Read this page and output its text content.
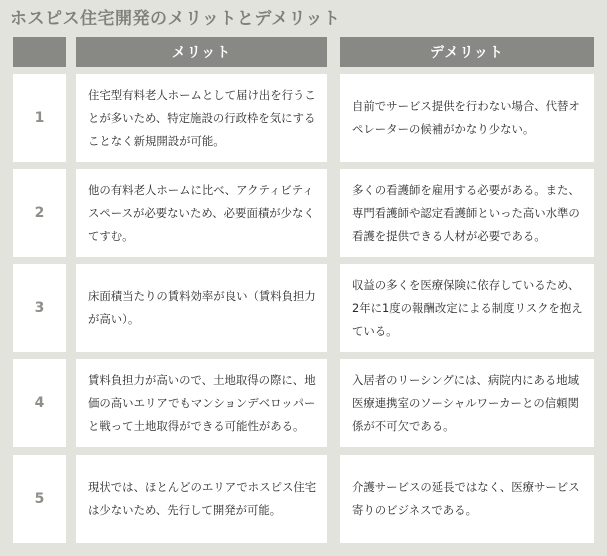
ホスピス住宅開発のメリットとデメリット
メリット	デメリット
1
住宅型有料老人ホームとして届け出を行うことが多いため、特定施設の行政枠を気にすることなく新規開設が可能。
自前でサービス提供を行わない場合、代替オペレーターの候補がかなり少ない。
2
他の有料老人ホームに比べ、アクティビティスペースが必要ないため、必要面積が少なくてすむ。
多くの看護師を雇用する必要がある。また、専門看護師や認定看護師といった高い水準の看護を提供できる人材が必要である。
3
床面積当たりの賃料効率が良い（賃料負担力が高い）。
収益の多くを医療保険に依存しているため、2年に1度の報酬改定による制度リスクを抱えている。
4
賃料負担力が高いので、土地取得の際に、地価の高いエリアでもマンションデベロッパーと戦って土地取得ができる可能性がある。
入居者のリーシングには、病院内にある地域医療連携室のソーシャルワーカーとの信頼関係が不可欠である。
5
現状では、ほとんどのエリアでホスピス住宅は少ないため、先行して開発が可能。
介護サービスの延長ではなく、医療サービス寄りのビジネスである。
